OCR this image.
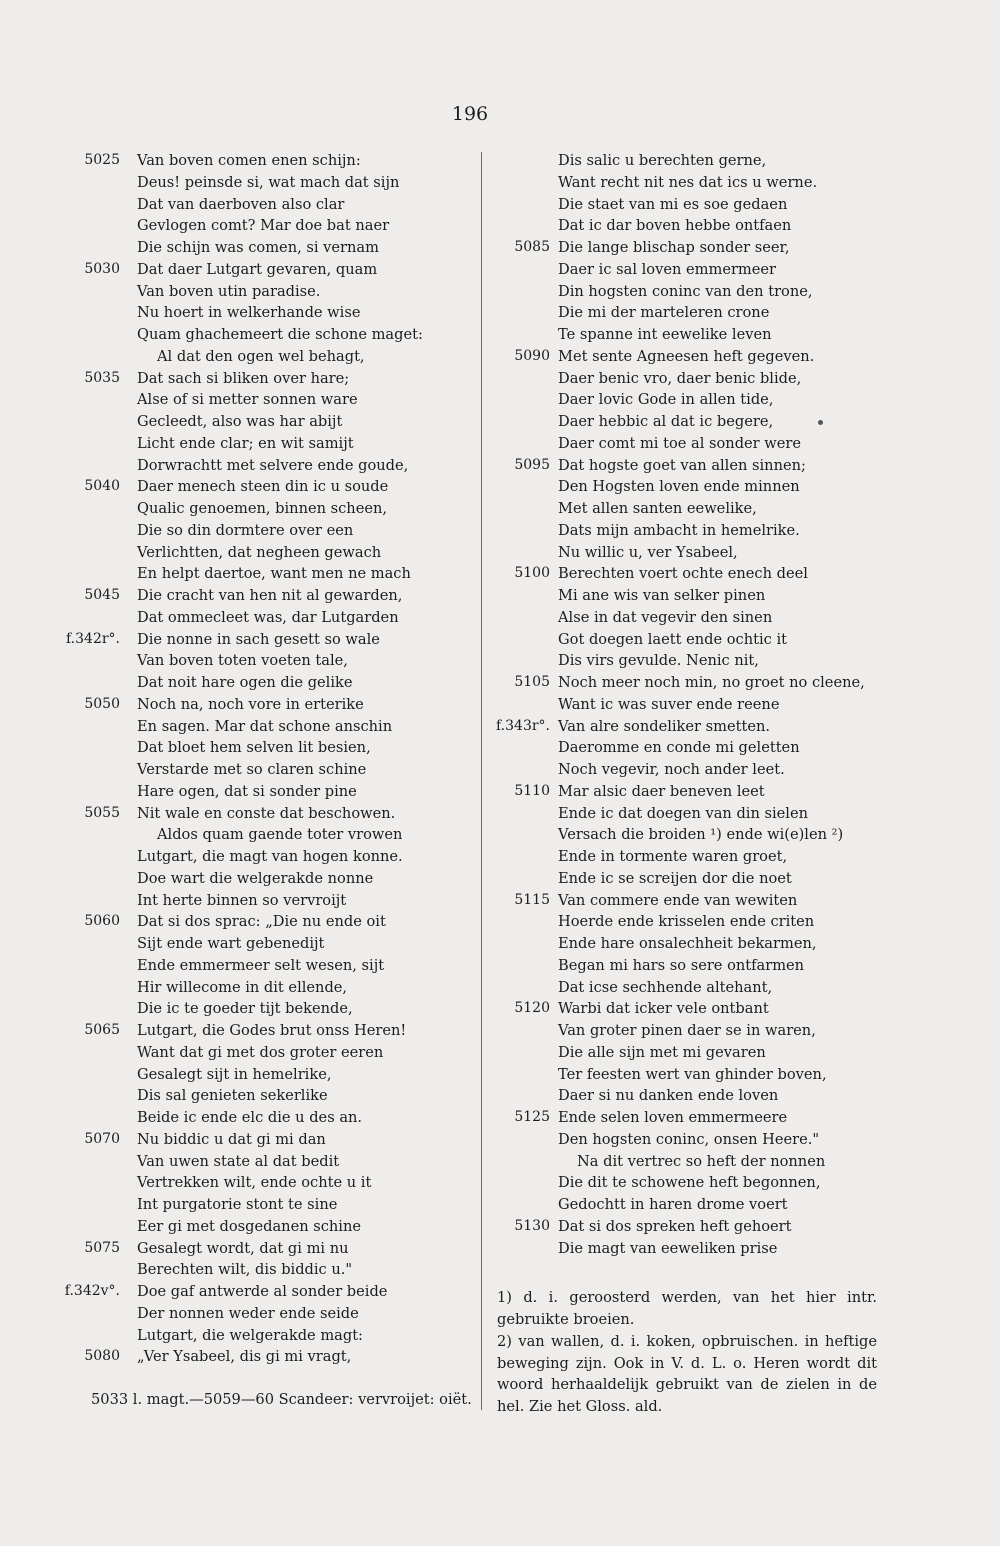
196
5025 Van boven comen enen schijn:
Deus! peinsde si, wat mach dat sijn
Dat van daerboven also clar
Gevlogen comt? Mar doe bat naer
Die schijn was comen, si vernam
5030 Dat daer Lutgart gevaren, quam
Van boven utin paradise.
Nu hoert in welkerhande wise
Quam ghachemeert die schone maget:
Al dat den ogen wel behagt,
5035 Dat sach si bliken over hare;
Alse of si metter sonnen ware
Gecleedt, also was har abijt
Licht ende clar; en wit samijt
Dorwrachtt met selvere ende goude,
5040 Daer menech steen din ic u soude
Qualic genoemen, binnen scheen,
Die so din dormtere over een
Verlichtten, dat negheen gewach
En helpt daertoe, want men ne mach
5045 Die cracht van hen nit al gewarden,
Dat ommecleet was, dar Lutgarden
f.342r°. Die nonne in sach gesett so wale
Van boven toten voeten tale,
Dat noit hare ogen die gelike
5050 Noch na, noch vore in erterike
En sagen. Mar dat schone anschin
Dat bloet hem selven lit besien,
Verstarde met so claren schine
Hare ogen, dat si sonder pine
5055 Nit wale en conste dat beschowen.
Aldos quam gaende toter vrowen
Lutgart, die magt van hogen konne.
Doe wart die welgerakde nonne
Int herte binnen so vervroijt
5060 Dat si dos sprac: „Die nu ende oit
Sijt ende wart gebenedijt
Ende emmermeer selt wesen, sijt
Hir willecome in dit ellende,
Die ic te goeder tijt bekende,
5065 Lutgart, die Godes brut onss Heren!
Want dat gi met dos groter eeren
Gesalegt sijt in hemelrike,
Dis sal genieten sekerlike
Beide ic ende elc die u des an.
5070 Nu biddic u dat gi mi dan
Van uwen state al dat bedit
Vertrekken wilt, ende ochte u it
Int purgatorie stont te sine
Eer gi met dosgedanen schine
5075 Gesalegt wordt, dat gi mi nu
Berechten wilt, dis biddic u."
f.342v°. Doe gaf antwerde al sonder beide
Der nonnen weder ende seide
Lutgart, die welgerakde magt:
5080 „Ver Ysabeel, dis gi mi vragt,
Dis salic u berechten gerne,
Want recht nit nes dat ics u werne.
Die staet van mi es soe gedaen
Dat ic dar boven hebbe ontfaen
5085 Die lange blischap sonder seer,
Daer ic sal loven emmermeer
Din hogsten coninc van den trone,
Die mi der marteleren crone
Te spanne int eewelike leven
5090 Met sente Agneesen heft gegeven.
Daer benic vro, daer benic blide,
Daer lovic Gode in allen tide,
Daer hebbic al dat ic begere,
Daer comt mi toe al sonder were
5095 Dat hogste goet van allen sinnen;
Den Hogsten loven ende minnen
Met allen santen eewelike,
Dats mijn ambacht in hemelrike.
Nu willic u, ver Ysabeel,
5100 Berechten voert ochte enech deel
Mi ane wis van selker pinen
Alse in dat vegevir den sinen
Got doegen laett ende ochtic it
Dis virs gevulde. Nenic nit,
5105 Noch meer noch min, no groet no cleene,
Want ic was suver ende reene
f.343r°. Van alre sondeliker smetten.
Daeromme en conde mi geletten
Noch vegevir, noch ander leet.
5110 Mar alsic daer beneven leet
Ende ic dat doegen van din sielen
Versach die broiden ¹) ende wi(e)len ²)
Ende in tormente waren groet,
Ende ic se screijen dor die noet
5115 Van commere ende van wewiten
Hoerde ende krisselen ende criten
Ende hare onsalechheit bekarmen,
Began mi hars so sere ontfarmen
Dat icse sechhende altehant,
5120 Warbi dat icker vele ontbant
Van groter pinen daer se in waren,
Die alle sijn met mi gevaren
Ter feesten wert van ghinder boven,
Daer si nu danken ende loven
5125 Ende selen loven emmermeere
Den hogsten coninc, onsen Heere."
Na dit vertrec so heft der nonnen
Die dit te schowene heft begonnen,
Gedochtt in haren drome voert
5130 Dat si dos spreken heft gehoert
Die magt van eeweliken prise
5033 l. magt.—5059—60 Scandeer: vervroijet: oiët.

1) d. i. geroosterd werden, van het hier intr. gebruikte broeien.

2) van wallen, d. i. koken, opbruischen. in heftige beweging zijn. Ook in V. d. L. o. Heren wordt dit woord herhaaldelijk gebruikt van de zielen in de hel. Zie het Gloss. ald.
